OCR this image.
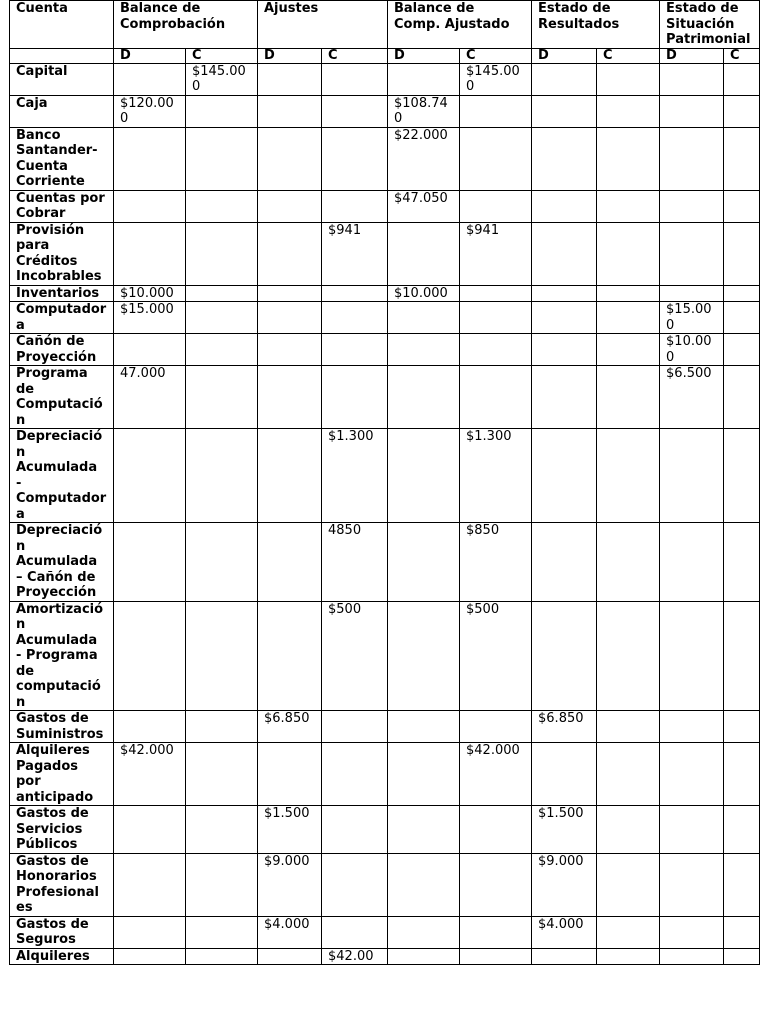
Cuenta	Balance de Comprobación		Ajustes		Balance de Comp. Ajustado		Estado de Resultados		Estado de Situación Patrimonial	
	D	C	D	C	D	C	D	C	D	C
Capital		$145.000				$145.000				
Caja	$120.000				$108.740					
Banco Santander- Cuenta Corriente					$22.000					
Cuentas por Cobrar					$47.050					
Provisión para Créditos Incobrables				$941		$941				
Inventarios	$10.000				$10.000					
Computadora	$15.000								$15.000	
Cañón de Proyección									$10.000	
Programa de Computación	47.000								$6.500	
Depreciación Acumulada - Computadora				$1.300		$1.300				
Depreciación Acumulada – Cañón de Proyección				4850		$850				
Amortización Acumulada - Programa de computación				$500		$500				
Gastos de Suministros			$6.850				$6.850			
Alquileres Pagados por anticipado	$42.000					$42.000				
Gastos de Servicios Públicos			$1.500				$1.500			
Gastos de Honorarios Profesionales			$9.000				$9.000			
Gastos de Seguros			$4.000				$4.000			
Alquileres				$42.00						
